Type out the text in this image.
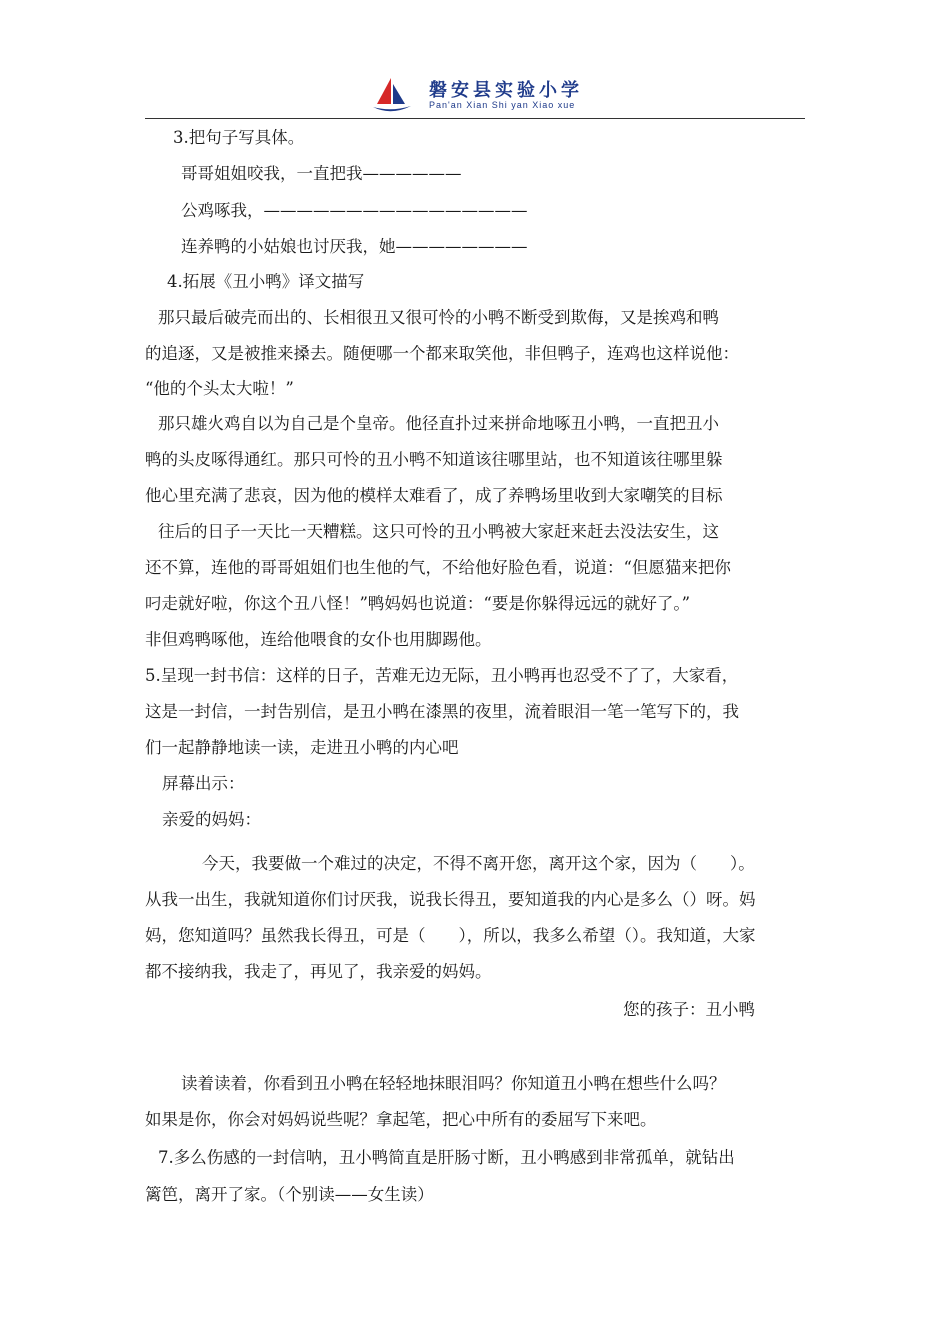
磐安县实验小学
Pan'an Xian Shi yan Xiao xue
3.把句子写具体。
哥哥姐姐咬我，一直把我——————
公鸡啄我，————————————————
连养鸭的小姑娘也讨厌我，她————————
4.拓展《丑小鸭》译文描写
那只最后破壳而出的、长相很丑又很可怜的小鸭不断受到欺侮，又是挨鸡和鸭
的追逐，又是被推来搡去。随便哪一个都来取笑他，非但鸭子，连鸡也这样说他：
“他的个头太大啦！”
那只雄火鸡自以为自己是个皇帝。他径直扑过来拼命地啄丑小鸭，一直把丑小
鸭的头皮啄得通红。那只可怜的丑小鸭不知道该往哪里站，也不知道该往哪里躲
他心里充满了悲哀，因为他的模样太难看了，成了养鸭场里收到大家嘲笑的目标
往后的日子一天比一天糟糕。这只可怜的丑小鸭被大家赶来赶去没法安生，这
还不算，连他的哥哥姐姐们也生他的气，不给他好脸色看，说道：“但愿猫来把你
叼走就好啦，你这个丑八怪！”鸭妈妈也说道：“要是你躲得远远的就好了。”
非但鸡鸭啄他，连给他喂食的女仆也用脚踢他。
5.呈现一封书信：这样的日子，苦难无边无际，丑小鸭再也忍受不了了，大家看，
这是一封信，一封告别信，是丑小鸭在漆黑的夜里，流着眼泪一笔一笔写下的，我
们一起静静地读一读，走进丑小鸭的内心吧
屏幕出示：
亲爱的妈妈：
今天，我要做一个难过的决定，不得不离开您，离开这个家，因为（　　）。
从我一出生，我就知道你们讨厌我，说我长得丑，要知道我的内心是多么（）呀。妈
妈，您知道吗？虽然我长得丑，可是（　　），所以，我多么希望（）。我知道，大家
都不接纳我，我走了，再见了，我亲爱的妈妈。
您的孩子：丑小鸭
读着读着，你看到丑小鸭在轻轻地抹眼泪吗？你知道丑小鸭在想些什么吗？
如果是你，你会对妈妈说些呢？拿起笔，把心中所有的委屈写下来吧。
7.多么伤感的一封信呐，丑小鸭简直是肝肠寸断，丑小鸭感到非常孤单，就钻出
篱笆，离开了家。（个别读——女生读）
